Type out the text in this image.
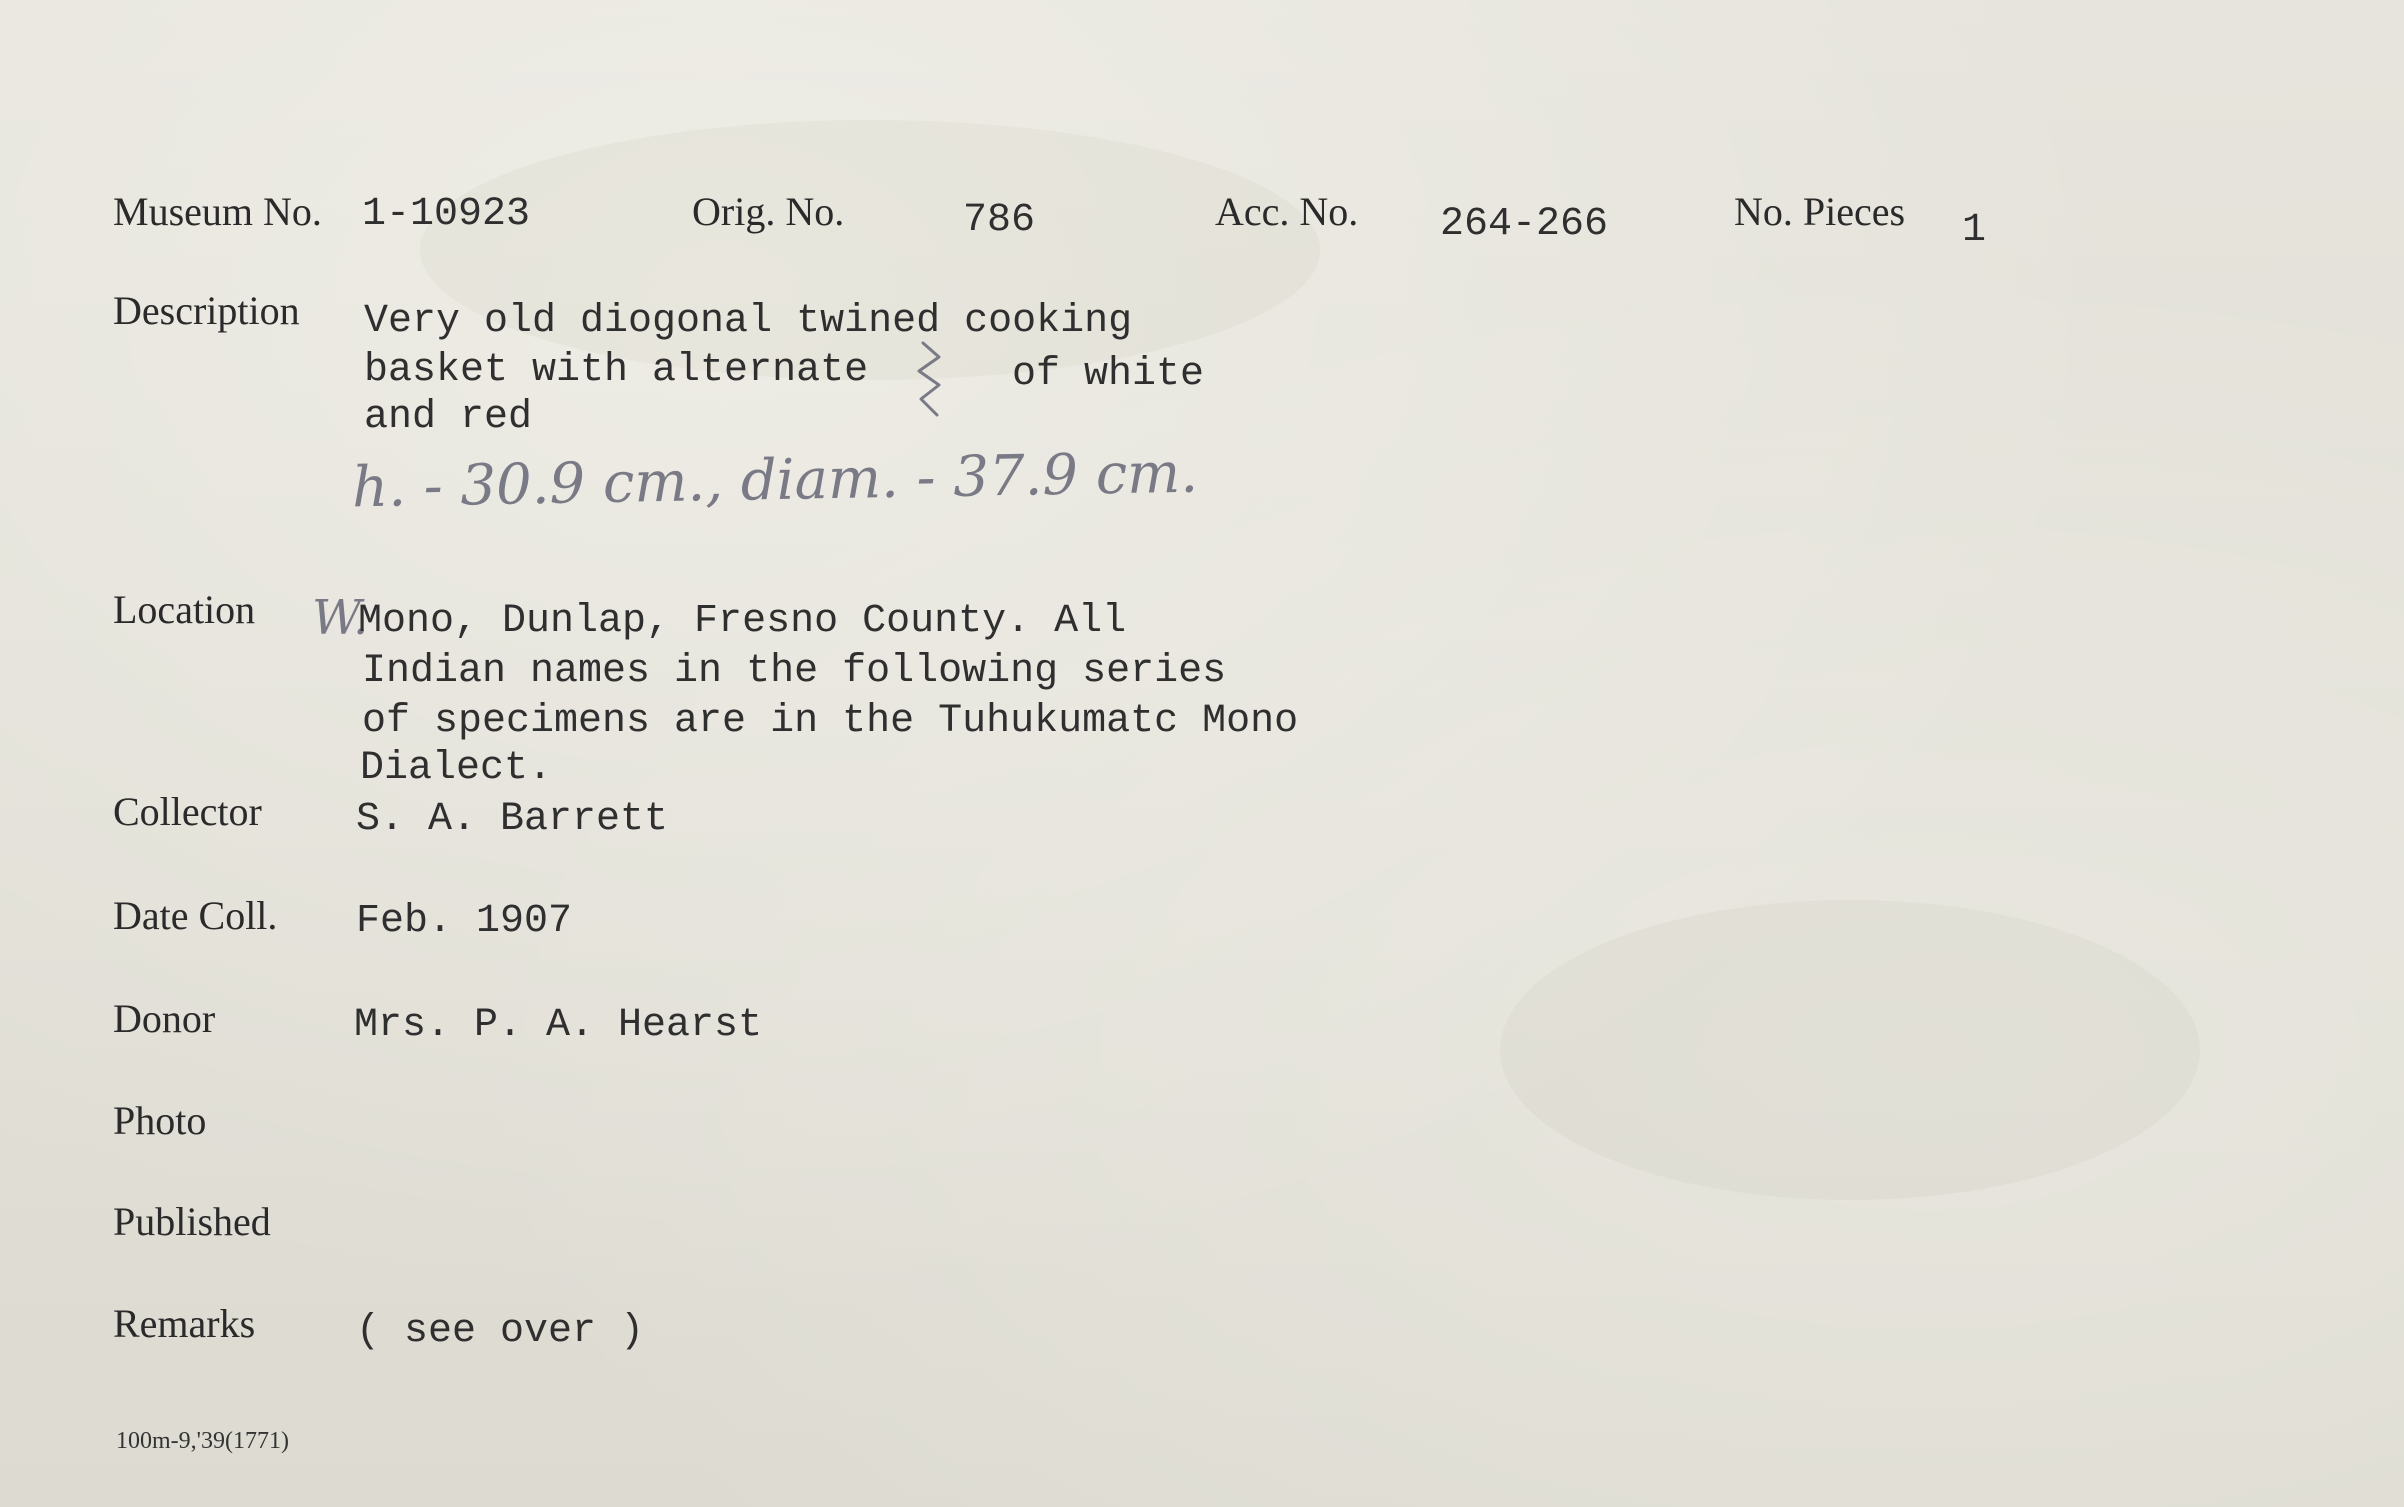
Museum No. 1-10923	Orig. No.	786	Acc. No. 264-266	No. Pieces 1
Description Very old diogonal twined cooking
basket with alternate	of white
and red
h. - 30.9 cm., diam. - 37.9 cm.
Location W.
Mono, Dunlap, Fresno County. All
Indian names in the following series
of specimens are in the Tuhukumatc Mono
Dialect.
Collector S. A. Barrett
Date Coll. Feb. 1907
Donor	Mrs. P. A. Hearst
Photo
Published
Remarks	( see over )
100m-9,'39(1771)
